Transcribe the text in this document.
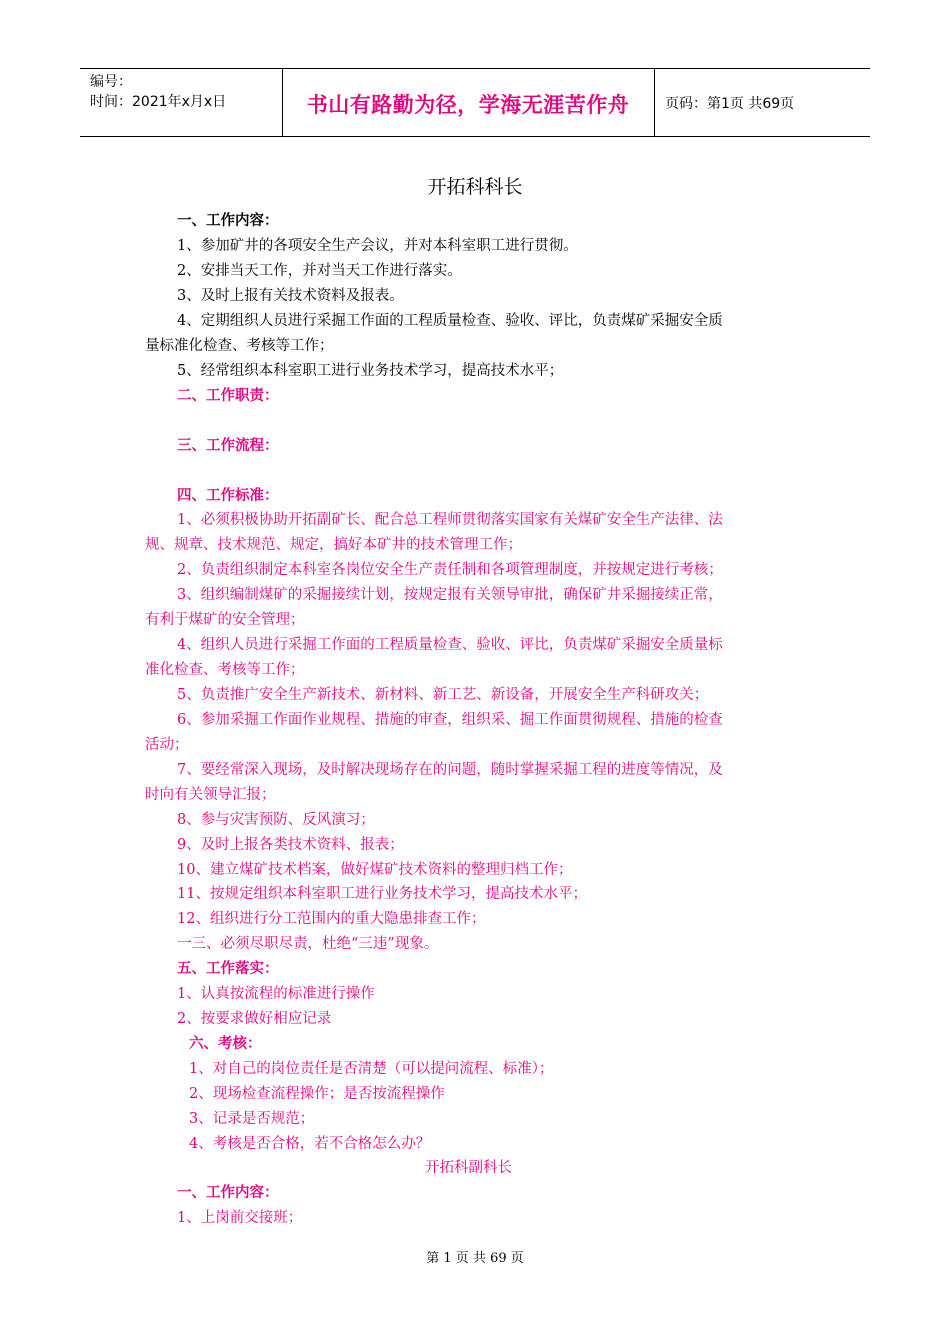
编号：
时间：2021年x月x日	书山有路勤为径，学海无涯苦作舟	页码：第1页 共69页
开拓科科长
一、工作内容：
1、参加矿井的各项安全生产会议，并对本科室职工进行贯彻。
2、安排当天工作，并对当天工作进行落实。
3、及时上报有关技术资料及报表。
4、定期组织人员进行采掘工作面的工程质量检查、验收、评比，负责煤矿采掘安全质
量标准化检查、考核等工作；
5、经常组织本科室职工进行业务技术学习，提高技术水平；
二、工作职责：
三、工作流程：
四、工作标准：
1、必须积极协助开拓副矿长、配合总工程师贯彻落实国家有关煤矿安全生产法律、法
规、规章、技术规范、规定，搞好本矿井的技术管理工作；
2、负责组织制定本科室各岗位安全生产责任制和各项管理制度，并按规定进行考核；
3、组织编制煤矿的采掘接续计划，按规定报有关领导审批，确保矿井采掘接续正常，
有利于煤矿的安全管理；
4、组织人员进行采掘工作面的工程质量检查、验收、评比，负责煤矿采掘安全质量标
准化检查、考核等工作；
5、负责推广安全生产新技术、新材料、新工艺、新设备，开展安全生产科研攻关；
6、参加采掘工作面作业规程、措施的审查，组织采、掘工作面贯彻规程、措施的检查
活动；
7、要经常深入现场，及时解决现场存在的问题，随时掌握采掘工程的进度等情况，及
时向有关领导汇报；
8、参与灾害预防、反风演习；
9、及时上报各类技术资料、报表；
10、建立煤矿技术档案，做好煤矿技术资料的整理归档工作；
11、按规定组织本科室职工进行业务技术学习，提高技术水平；
12、组织进行分工范围内的重大隐患排查工作；
一三、必须尽职尽责，杜绝“三违”现象。
五、工作落实：
1、认真按流程的标准进行操作
2、按要求做好相应记录
六、考核：
1、对自己的岗位责任是否清楚（可以提问流程、标准）；
2、现场检查流程操作；是否按流程操作
3、记录是否规范；
4、考核是否合格，若不合格怎么办？
开拓科副科长
一、工作内容：
1、上岗前交接班；
第 1 页 共 69 页
